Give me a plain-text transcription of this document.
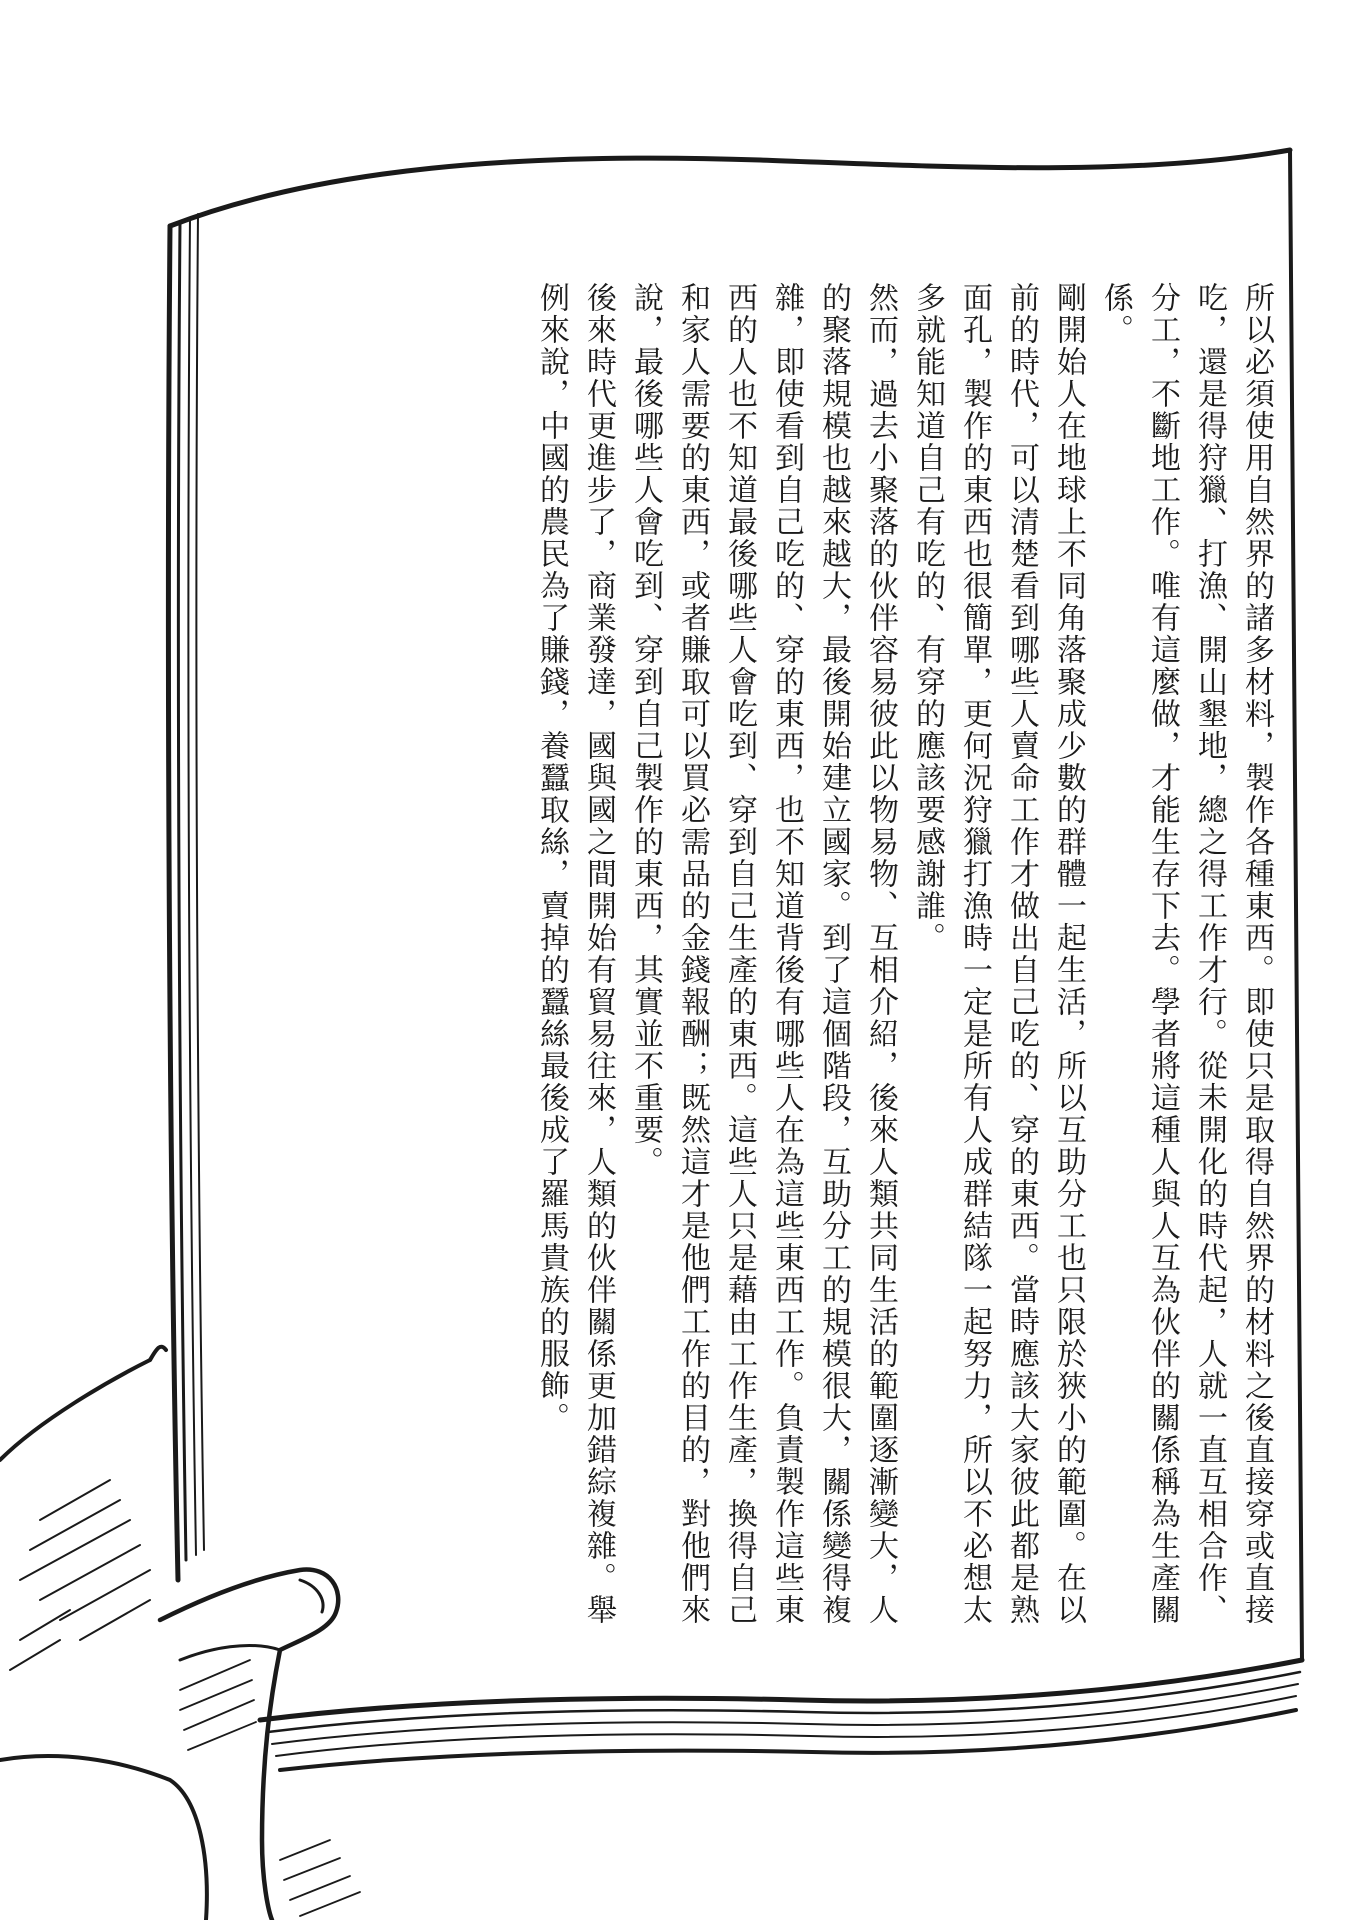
所以必須使用自然界的諸多材料，製作各種東西。即使只是取得自然界的材料之後直接穿或直接吃，還是得狩獵、打漁、開山墾地，總之得工作才行。從未開化的時代起，人就一直互相合作、分工，不斷地工作。唯有這麼做，才能生存下去。學者將這種人與人互為伙伴的關係稱為生產關係。

剛開始人在地球上不同角落聚成少數的群體一起生活，所以互助分工也只限於狹小的範圍。在以前的時代，可以清楚看到哪些人賣命工作才做出自己吃的、穿的東西。當時應該大家彼此都是熟面孔，製作的東西也很簡單，更何況狩獵打漁時一定是所有人成群結隊一起努力，所以不必想太多就能知道自己有吃的、有穿的應該要感謝誰。

然而，過去小聚落的伙伴容易彼此以物易物、互相介紹，後來人類共同生活的範圍逐漸變大，人的聚落規模也越來越大，最後開始建立國家。到了這個階段，互助分工的規模很大，關係變得複雜，即使看到自己吃的、穿的東西，也不知道背後有哪些人在為這些東西工作。負責製作這些東西的人也不知道最後哪些人會吃到、穿到自己生產的東西。這些人只是藉由工作生產，換得自己和家人需要的東西，或者賺取可以買必需品的金錢報酬；既然這才是他們工作的目的，對他們來說，最後哪些人會吃到、穿到自己製作的東西，其實並不重要。

後來時代更進步了，商業發達，國與國之間開始有貿易往來，人類的伙伴關係更加錯綜複雜。舉例來說，中國的農民為了賺錢，養蠶取絲，賣掉的蠶絲最後成了羅馬貴族的服飾。
